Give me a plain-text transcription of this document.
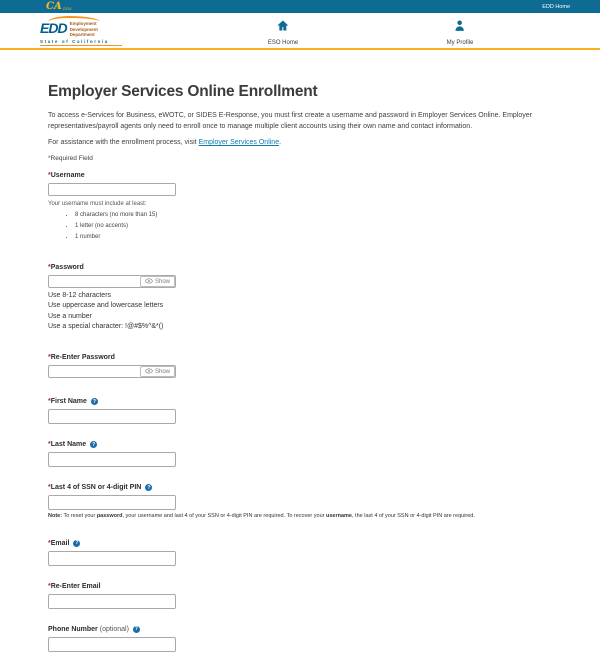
CA GOV	EDD Home
EDD Employment
Development
Department
State of California	ESO Home	My Profile
Employer Services Online Enrollment

To access e-Services for Business, eWOTC, or SIDES E-Response, you must first create a username and password in Employer Services Online. Employer representatives/payroll agents only need to enroll once to manage multiple client accounts using their own name and contact information.

For assistance with the enrollment process, visit Employer Services Online.

*Required Field

*Username
Your username must include at least:
• 8 characters (no more than 15)
• 1 letter (no accents)
• 1 number
*Password
Show
Use 8-12 characters
Use uppercase and lowercase letters
Use a number
Use a special character: !@#$%^&*()
*Re-Enter Password
Show
*First Name	?
*Last Name	?
*Last 4 of SSN or 4-digit PIN	?
Note: To reset your password, your username and last 4 of your SSN or 4-digit PIN are required. To recover your username, the last 4 of your SSN or 4-digit PIN are required.
*Email	?
*Re-Enter Email
Phone Number (optional)	?
